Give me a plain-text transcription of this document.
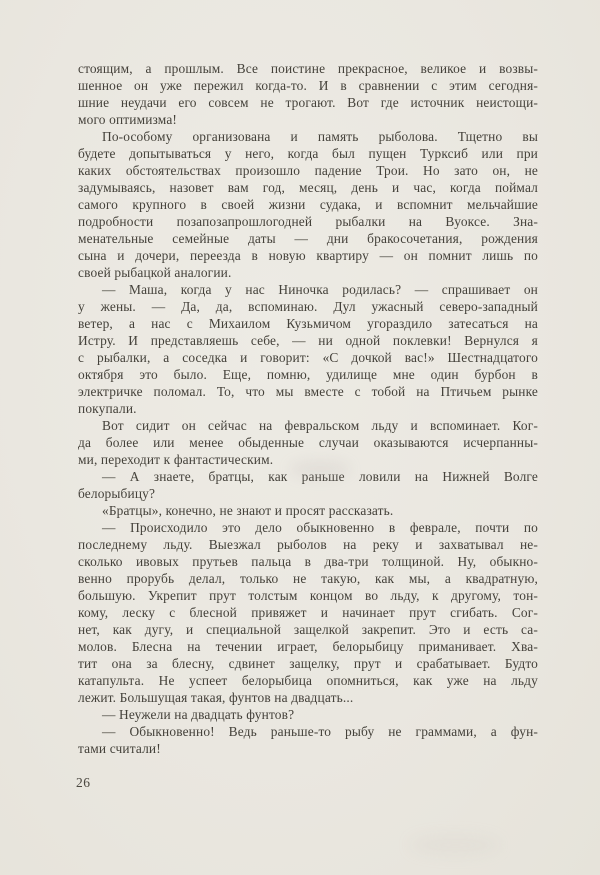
стоящим, а прошлым. Все поистине прекрасное, великое и возвы-
шенное он уже пережил когда-то. И в сравнении с этим сегодня-
шние неудачи его совсем не трогают. Вот где источник неистощи-
мого оптимизма!
По-особому организована и память рыболова. Тщетно вы
будете допытываться у него, когда был пущен Турксиб или при
каких обстоятельствах произошло падение Трои. Но зато он, не
задумываясь, назовет вам год, месяц, день и час, когда поймал
самого крупного в своей жизни судака, и вспомнит мельчайшие
подробности позапозапрошлогодней рыбалки на Вуоксе. Зна-
менательные семейные даты — дни бракосочетания, рождения
сына и дочери, переезда в новую квартиру — он помнит лишь по
своей рыбацкой аналогии.
— Маша, когда у нас Ниночка родилась? — спрашивает он
у жены. — Да, да, вспоминаю. Дул ужасный северо-западный
ветер, а нас с Михаилом Кузьмичом угораздило затесаться на
Истру. И представляешь себе, — ни одной поклевки! Вернулся я
с рыбалки, а соседка и говорит: «С дочкой вас!» Шестнадцатого
октября это было. Еще, помню, удилище мне один бурбон в
электричке поломал. То, что мы вместе с тобой на Птичьем рынке
покупали.
Вот сидит он сейчас на февральском льду и вспоминает. Ког-
да более или менее обыденные случаи оказываются исчерпанны-
ми, переходит к фантастическим.
— А знаете, братцы, как раньше ловили на Нижней Волге
белорыбицу?
«Братцы», конечно, не знают и просят рассказать.
— Происходило это дело обыкновенно в феврале, почти по
последнему льду. Выезжал рыболов на реку и захватывал не-
сколько ивовых прутьев пальца в два-три толщиной. Ну, обыкно-
венно прорубь делал, только не такую, как мы, а квадратную,
большую. Укрепит прут толстым концом во льду, к другому, тон-
кому, леску с блесной привяжет и начинает прут сгибать. Сог-
нет, как дугу, и специальной защелкой закрепит. Это и есть са-
молов. Блесна на течении играет, белорыбицу приманивает. Хва-
тит она за блесну, сдвинет защелку, прут и срабатывает. Будто
катапульта. Не успеет белорыбица опомниться, как уже на льду
лежит. Большущая такая, фунтов на двадцать...
— Неужели на двадцать фунтов?
— Обыкновенно! Ведь раньше-то рыбу не граммами, а фун-
тами считали!
26
